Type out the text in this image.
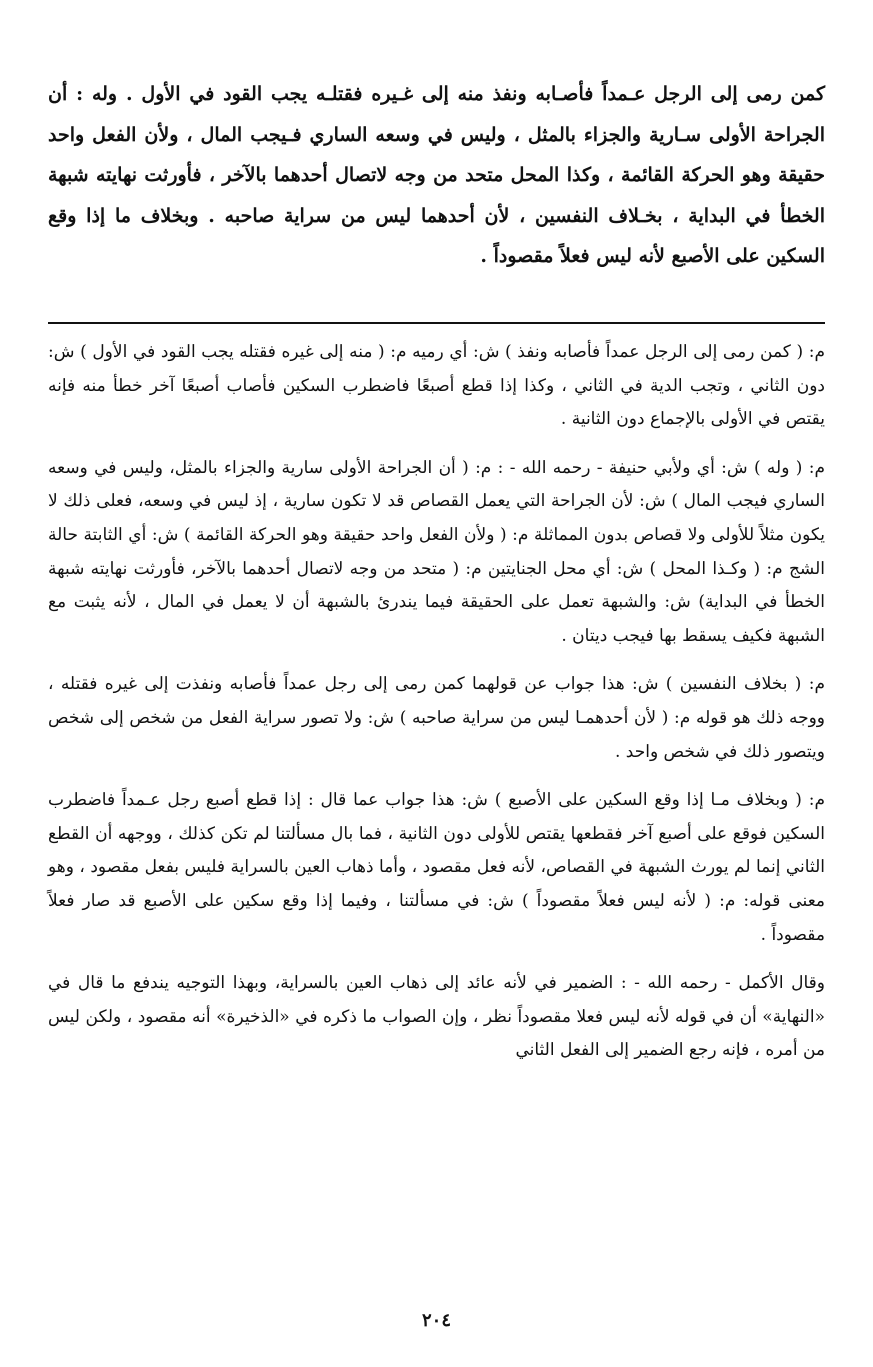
كمن رمى إلى الرجل عـمداً فأصـابه ونفذ منه إلى غـيره فقتلـه يجب القود في الأول . وله : أن الجراحة الأولى سـارية والجزاء بالمثل ، وليس في وسعه الساري فـيجب المال ، ولأن الفعل واحد حقيقة وهو الحركة القائمة ، وكذا المحل متحد من وجه لاتصال أحدهما بالآخر ، فأورثت نهايته شبهة الخطأ في البداية ، بخـلاف النفسين ، لأن أحدهما ليس من سراية صاحبه . وبخلاف ما إذا وقع السكين على الأصبع لأنه ليس فعلاً مقصوداً .

م: ( كمن رمى إلى الرجل عمداً فأصابه ونفذ ) ش: أي رميه م: ( منه إلى غيره فقتله يجب القود في الأول ) ش: دون الثاني ، وتجب الدية في الثاني ، وكذا إذا قطع أصبعًا فاضطرب السكين فأصاب أصبعًا آخر خطأ منه فإنه يقتص في الأولى بالإجماع دون الثانية .

م: ( وله ) ش: أي ولأبي حنيفة - رحمه الله - : م: ( أن الجراحة الأولى سارية والجزاء بالمثل، وليس في وسعه الساري فيجب المال ) ش: لأن الجراحة التي يعمل القصاص قد لا تكون سارية ، إذ ليس في وسعه، فعلى ذلك لا يكون مثلاً للأولى ولا قصاص بدون المماثلة م: ( ولأن الفعل واحد حقيقة وهو الحركة القائمة ) ش: أي الثابتة حالة الشج م: ( وكـذا المحل ) ش: أي محل الجنايتين م: ( متحد من وجه لاتصال أحدهما بالآخر، فأورثت نهايته شبهة الخطأ في البداية) ش: والشبهة تعمل على الحقيقة فيما يندرئ بالشبهة أن لا يعمل في المال ، لأنه يثبت مع الشبهة فكيف يسقط بها فيجب ديتان .

م: ( بخلاف النفسين ) ش: هذا جواب عن قولهما كمن رمى إلى رجل عمداً فأصابه ونفذت إلى غيره فقتله ، ووجه ذلك هو قوله م: ( لأن أحدهمـا ليس من سراية صاحبه ) ش: ولا تصور سراية الفعل من شخص إلى شخص ويتصور ذلك في شخص واحد .

م: ( وبخلاف مـا إذا وقع السكين على الأصبع ) ش: هذا جواب عما قال : إذا قطع أصبع رجل عـمداً فاضطرب السكين فوقع على أصبع آخر فقطعها يقتص للأولى دون الثانية ، فما بال مسألتنا لم تكن كذلك ، ووجهه أن القطع الثاني إنما لم يورث الشبهة في القصاص، لأنه فعل مقصود ، وأما ذهاب العين بالسراية فليس بفعل مقصود ، وهو معنى قوله: م: ( لأنه ليس فعلاً مقصوداً ) ش: في مسألتنا ، وفيما إذا وقع سكين على الأصبع قد صار فعلاً مقصوداً .

وقال الأكمل - رحمه الله - : الضمير في لأنه عائد إلى ذهاب العين بالسراية، وبهذا التوجيه يندفع ما قال في «النهاية» أن في قوله لأنه ليس فعلا مقصوداً نظر ، وإن الصواب ما ذكره في «الذخيرة» أنه مقصود ، ولكن ليس من أمره ، فإنه رجع الضمير إلى الفعل الثاني

٢٠٤
